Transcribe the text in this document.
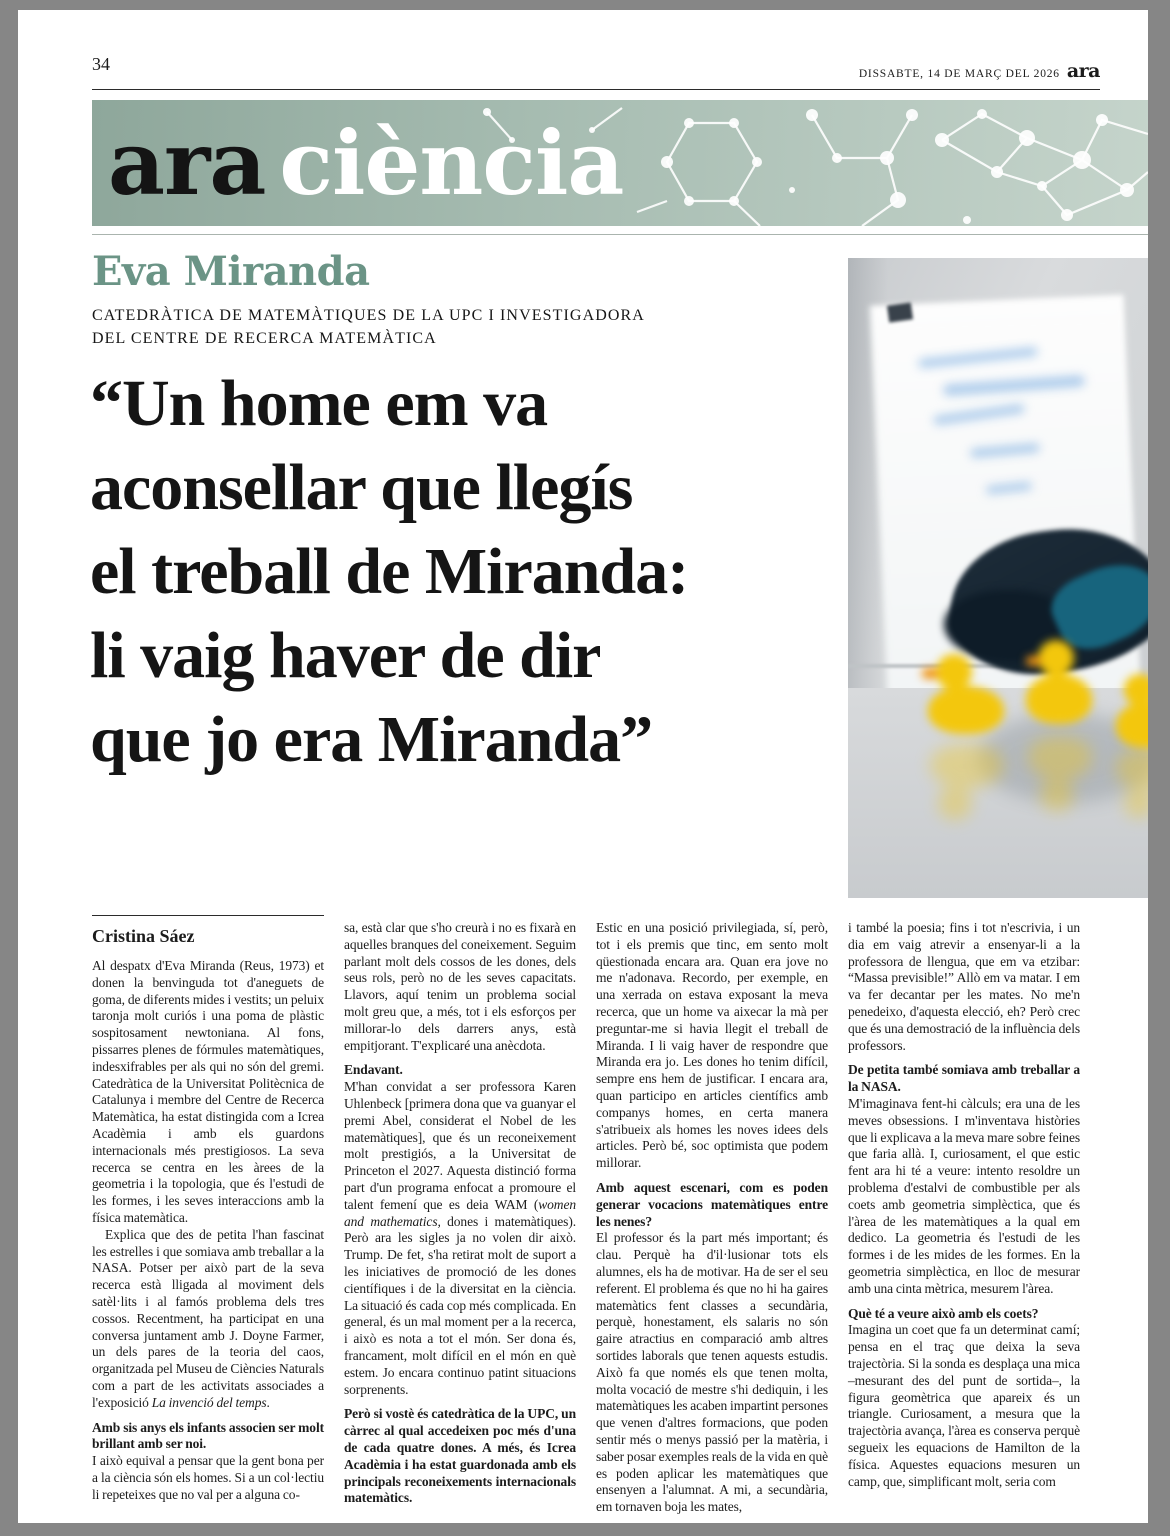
34	DISSABTE, 14 DE MARÇ DEL 2026 ara
ara ciència
Eva Miranda
CATEDRÀTICA DE MATEMÀTIQUES DE LA UPC I INVESTIGADORA
DEL CENTRE DE RECERCA MATEMÀTICA
“Un home em va
aconsellar que llegís
el treball de Miranda:
li vaig haver de dir
que jo era Miranda”
Cristina Sáez

Al despatx d'Eva Miranda (Reus, 1973) et donen la benvinguda tot d'aneguets de goma, de diferents mides i vestits; un peluix taronja molt curiós i una poma de plàstic sospitosament newtoniana. Al fons, pissarres plenes de fórmules matemàtiques, indesxifrables per als qui no són del gremi. Catedràtica de la Universitat Politècnica de Catalunya i membre del Centre de Recerca Matemàtica, ha estat distingida com a Icrea Acadèmia i amb els guardons internacionals més prestigiosos. La seva recerca se centra en les àrees de la geometria i la topologia, que és l'estudi de les formes, i les seves interaccions amb la física matemàtica.

Explica que des de petita l'han fascinat les estrelles i que somiava amb treballar a la NASA. Potser per això part de la seva recerca està lligada al moviment dels satèl·lits i al famós problema dels tres cossos. Recentment, ha participat en una conversa juntament amb J. Doyne Farmer, un dels pares de la teoria del caos, organitzada pel Museu de Ciències Naturals com a part de les activitats associades a l'exposició La invenció del temps.

Amb sis anys els infants associen ser molt brillant amb ser noi.

I això equival a pensar que la gent bona per a la ciència són els homes. Si a un col·lectiu li repeteixes que no val per a alguna co-

sa, està clar que s'ho creurà i no es fixarà en aquelles branques del coneixement. Seguim parlant molt dels cossos de les dones, dels seus rols, però no de les seves capacitats. Llavors, aquí tenim un problema social molt greu que, a més, tot i els esforços per millorar-lo dels darrers anys, està empitjorant. T'explicaré una anècdota.

Endavant.

M'han convidat a ser professora Karen Uhlenbeck [primera dona que va guanyar el premi Abel, considerat el Nobel de les matemàtiques], que és un reconeixement molt prestigiós, a la Universitat de Princeton el 2027. Aquesta distinció forma part d'un programa enfocat a promoure el talent femení que es deia WAM (women and mathematics, dones i matemàtiques). Però ara les sigles ja no volen dir això. Trump. De fet, s'ha retirat molt de suport a les iniciatives de promoció de les dones científiques i de la diversitat en la ciència. La situació és cada cop més complicada. En general, és un mal moment per a la recerca, i això es nota a tot el món. Ser dona és, francament, molt difícil en el món en què estem. Jo encara continuo patint situacions sorprenents.

Però si vostè és catedràtica de la UPC, un càrrec al qual accedeixen poc més d'una de cada quatre dones. A més, és Icrea Acadèmia i ha estat guardonada amb els principals reconeixements internacionals matemàtics.

Estic en una posició privilegiada, sí, però, tot i els premis que tinc, em sento molt qüestionada encara ara. Quan era jove no me n'adonava. Recordo, per exemple, en una xerrada on estava exposant la meva recerca, que un home va aixecar la mà per preguntar-me si havia llegit el treball de Miranda. I li vaig haver de respondre que Miranda era jo. Les dones ho tenim difícil, sempre ens hem de justificar. I encara ara, quan participo en articles científics amb companys homes, en certa manera s'atribueix als homes les noves idees dels articles. Però bé, soc optimista que podem millorar.

Amb aquest escenari, com es poden generar vocacions matemàtiques entre les nenes?

El professor és la part més important; és clau. Perquè ha d'il·lusionar tots els alumnes, els ha de motivar. Ha de ser el seu referent. El problema és que no hi ha gaires matemàtics fent classes a secundària, perquè, honestament, els salaris no són gaire atractius en comparació amb altres sortides laborals que tenen aquests estudis. Això fa que només els que tenen molta, molta vocació de mestre s'hi dediquin, i les matemàtiques les acaben impartint persones que venen d'altres formacions, que poden sentir més o menys passió per la matèria, i saber posar exemples reals de la vida en què es poden aplicar les matemàtiques que ensenyen a l'alumnat. A mi, a secundària, em tornaven boja les mates,

i també la poesia; fins i tot n'escrivia, i un dia em vaig atrevir a ensenyar-li a la professora de llengua, que em va etzibar: “Massa previsible!” Allò em va matar. I em va fer decantar per les mates. No me'n penedeixo, d'aquesta elecció, eh? Però crec que és una demostració de la influència dels professors.

De petita també somiava amb treballar a la NASA.

M'imaginava fent-hi càlculs; era una de les meves obsessions. I m'inventava històries que li explicava a la meva mare sobre feines que faria allà. I, curiosament, el que estic fent ara hi té a veure: intento resoldre un problema d'estalvi de combustible per als coets amb geometria simplèctica, que és l'àrea de les matemàtiques a la qual em dedico. La geometria és l'estudi de les formes i de les mides de les formes. En la geometria simplèctica, en lloc de mesurar amb una cinta mètrica, mesurem l'àrea.

Què té a veure això amb els coets?

Imagina un coet que fa un determinat camí; pensa en el traç que deixa la seva trajectòria. Si la sonda es desplaça una mica –mesurant des del punt de sortida–, la figura geomètrica que apareix és un triangle. Curiosament, a mesura que la trajectòria avança, l'àrea es conserva perquè segueix les equacions de Hamilton de la física. Aquestes equacions mesuren un camp, que, simplificant molt, seria com
